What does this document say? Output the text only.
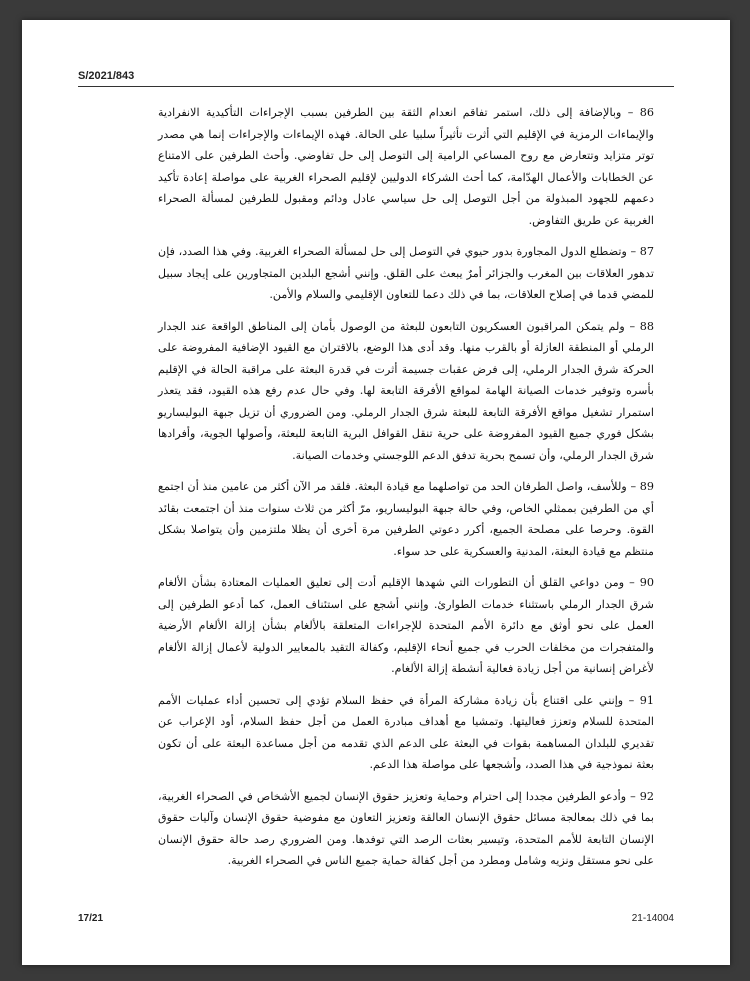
S/2021/843

86 – وبالإضافة إلى ذلك، استمر تفاقم انعدام الثقة بين الطرفين بسبب الإجراءات التأكيدية الانفرادية والإيماءات الرمزية في الإقليم التي أثرت تأثيراً سلبيا على الحالة. فهذه الإيماءات والإجراءات إنما هي مصدر توتر متزايد وتتعارض مع روح المساعي الرامية إلى التوصل إلى حل تفاوضي. وأحث الطرفين على الامتناع عن الخطابات والأعمال الهدّامة، كما أحث الشركاء الدوليين لإقليم الصحراء الغربية على مواصلة إعادة تأكيد دعمهم للجهود المبذولة من أجل التوصل إلى حل سياسي عادل ودائم ومقبول للطرفين لمسألة الصحراء الغربية عن طريق التفاوض.

87 – وتضطلع الدول المجاورة بدور حيوي في التوصل إلى حل لمسألة الصحراء الغربية. وفي هذا الصدد، فإن تدهور العلاقات بين المغرب والجزائر أمرٌ يبعث على القلق. وإنني أشجع البلدين المتجاورين على إيجاد سبيل للمضي قدما في إصلاح العلاقات، بما في ذلك دعما للتعاون الإقليمي والسلام والأمن.

88 – ولم يتمكن المراقبون العسكريون التابعون للبعثة من الوصول بأمان إلى المناطق الواقعة عند الجدار الرملي أو المنطقة العازلة أو بالقرب منها. وقد أدى هذا الوضع، بالاقتران مع القيود الإضافية المفروضة على الحركة شرق الجدار الرملي، إلى فرض عقبات جسيمة أثرت في قدرة البعثة على مراقبة الحالة في الإقليم بأسره وتوفير خدمات الصيانة الهامة لمواقع الأفرقة التابعة لها. وفي حال عدم رفع هذه القيود، فقد يتعذر استمرار تشغيل مواقع الأفرقة التابعة للبعثة شرق الجدار الرملي. ومن الضروري أن تزيل جبهة البوليساريو بشكل فوري جميع القيود المفروضة على حرية تنقل القوافل البرية التابعة للبعثة، وأصولها الجوية، وأفرادها شرق الجدار الرملي، وأن تسمح بحرية تدفق الدعم اللوجستي وخدمات الصيانة.

89 – وللأسف، واصل الطرفان الحد من تواصلهما مع قيادة البعثة. فلقد مر الآن أكثر من عامين منذ أن اجتمع أي من الطرفين بممثلي الخاص، وفي حالة جبهة البوليساريو، مرّ أكثر من ثلاث سنوات منذ أن اجتمعت بقائد القوة. وحرصا على مصلحة الجميع، أكرر دعوتي الطرفين مرة أخرى أن يظلا ملتزمين وأن يتواصلا بشكل منتظم مع قيادة البعثة، المدنية والعسكرية على حد سواء.

90 – ومن دواعي القلق أن التطورات التي شهدها الإقليم أدت إلى تعليق العمليات المعتادة بشأن الألغام شرق الجدار الرملي باستثناء خدمات الطوارئ. وإنني أشجع على استئناف العمل، كما أدعو الطرفين إلى العمل على نحو أوثق مع دائرة الأمم المتحدة للإجراءات المتعلقة بالألغام بشأن إزالة الألغام الأرضية والمتفجرات من مخلفات الحرب في جميع أنحاء الإقليم، وكفالة التقيد بالمعايير الدولية لأعمال إزالة الألغام لأغراض إنسانية من أجل زيادة فعالية أنشطة إزالة الألغام.

91 – وإنني على اقتناع بأن زيادة مشاركة المرأة في حفظ السلام تؤدي إلى تحسين أداء عمليات الأمم المتحدة للسلام وتعزز فعاليتها. وتمشيا مع أهداف مبادرة العمل من أجل حفظ السلام، أود الإعراب عن تقديري للبلدان المساهمة بقوات في البعثة على الدعم الذي تقدمه من أجل مساعدة البعثة على أن تكون بعثة نموذجية في هذا الصدد، وأشجعها على مواصلة هذا الدعم.

92 – وأدعو الطرفين مجددا إلى احترام وحماية وتعزيز حقوق الإنسان لجميع الأشخاص في الصحراء الغربية، بما في ذلك بمعالجة مسائل حقوق الإنسان العالقة وتعزيز التعاون مع مفوضية حقوق الإنسان وآليات حقوق الإنسان التابعة للأمم المتحدة، وتيسير بعثات الرصد التي توفدها. ومن الضروري رصد حالة حقوق الإنسان على نحو مستقل ونزيه وشامل ومطرد من أجل كفالة حماية جميع الناس في الصحراء الغربية.

17/21	21-14004
